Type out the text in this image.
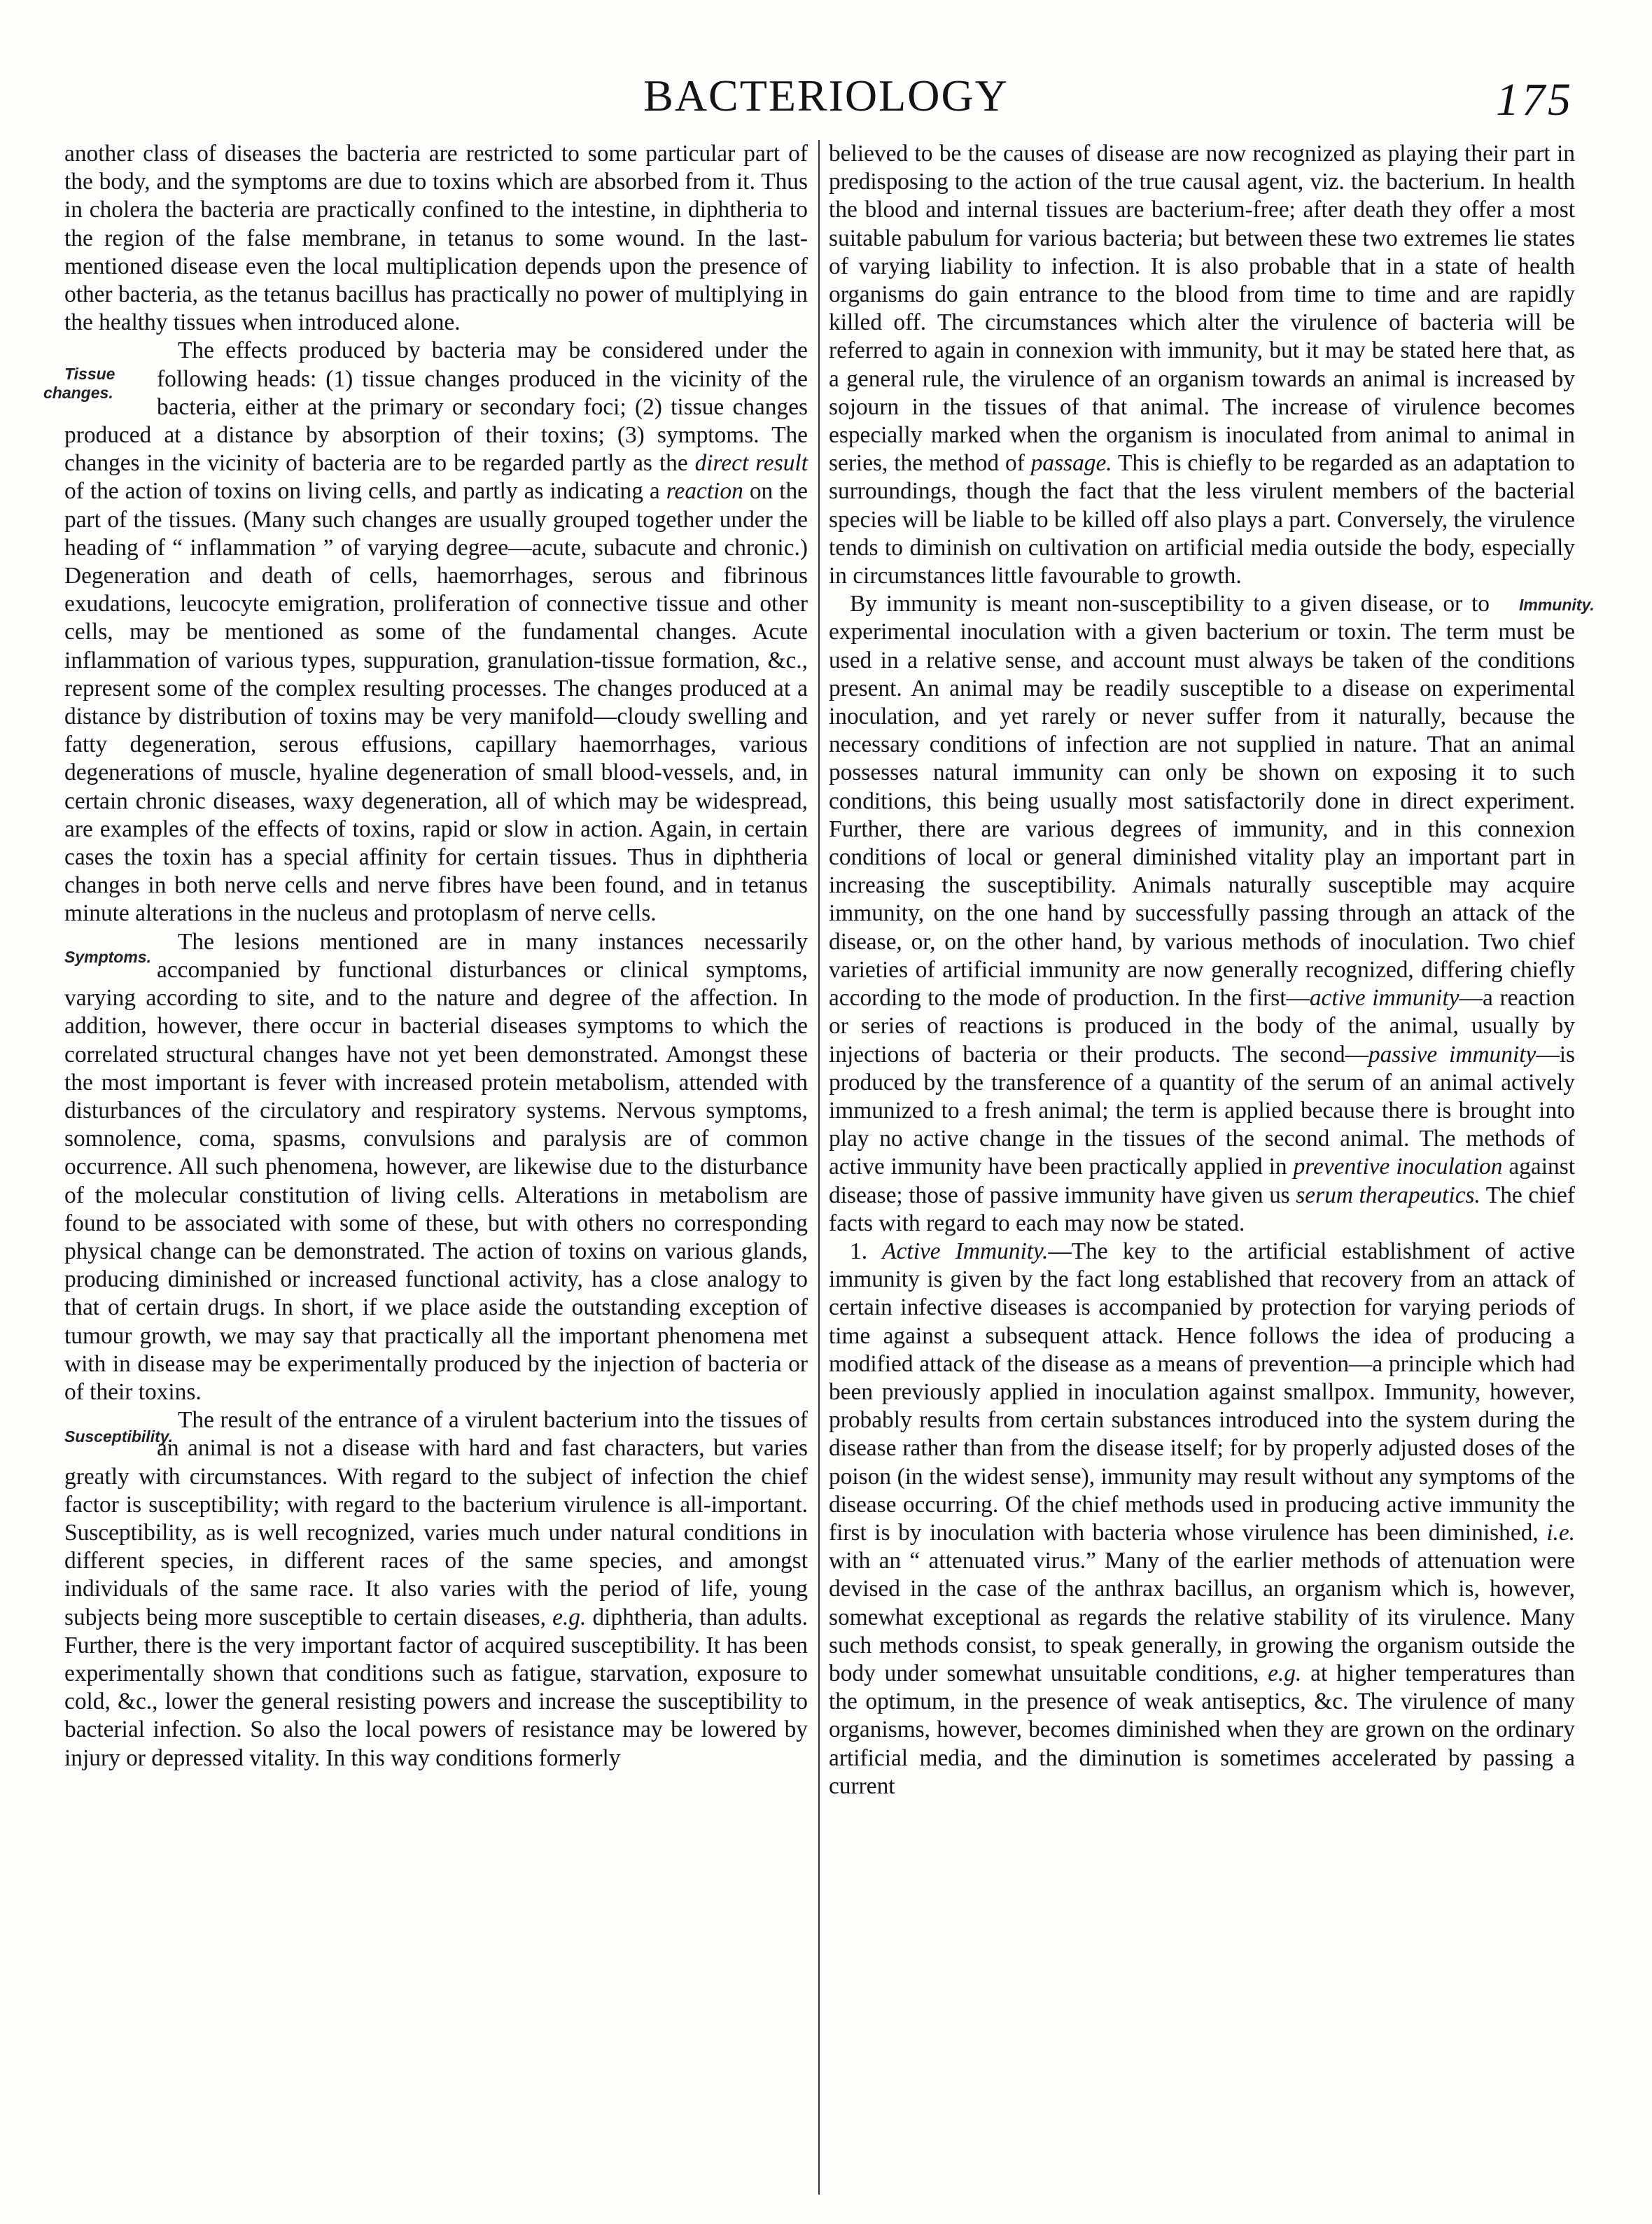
BACTERIOLOGY	175

another class of diseases the bacteria are restricted to some particular part of the body, and the symptoms are due to toxins which are absorbed from it. Thus in cholera the bacteria are practically confined to the intestine, in diphtheria to the region of the false membrane, in tetanus to some wound. In the last-mentioned disease even the local multiplication depends upon the presence of other bacteria, as the tetanus bacillus has practically no power of multiplying in the healthy tissues when introduced alone.

Tissue changes.
The effects produced by bacteria may be considered under the following heads: (1) tissue changes produced in the vicinity of the bacteria, either at the primary or secondary foci; (2) tissue changes produced at a distance by absorption of their toxins; (3) symptoms. The changes in the vicinity of bacteria are to be regarded partly as the direct result of the action of toxins on living cells, and partly as indicating a reaction on the part of the tissues. (Many such changes are usually grouped together under the heading of “ inflammation ” of varying degree—acute, subacute and chronic.) Degeneration and death of cells, haemorrhages, serous and fibrinous exudations, leucocyte emigration, proliferation of connective tissue and other cells, may be mentioned as some of the fundamental changes. Acute inflammation of various types, suppuration, granulation-tissue formation, &c., represent some of the complex resulting processes. The changes produced at a distance by distribution of toxins may be very manifold—cloudy swelling and fatty degeneration, serous effusions, capillary haemorrhages, various degenerations of muscle, hyaline degeneration of small blood-vessels, and, in certain chronic diseases, waxy degeneration, all of which may be widespread, are examples of the effects of toxins, rapid or slow in action. Again, in certain cases the toxin has a special affinity for certain tissues. Thus in diphtheria changes in both nerve cells and nerve fibres have been found, and in tetanus minute alterations in the nucleus and protoplasm of nerve cells.

Symptoms.
The lesions mentioned are in many instances necessarily accompanied by functional disturbances or clinical symptoms, varying according to site, and to the nature and degree of the affection. In addition, however, there occur in bacterial diseases symptoms to which the correlated structural changes have not yet been demonstrated. Amongst these the most important is fever with increased protein metabolism, attended with disturbances of the circulatory and respiratory systems. Nervous symptoms, somnolence, coma, spasms, convulsions and paralysis are of common occurrence. All such phenomena, however, are likewise due to the disturbance of the molecular constitution of living cells. Alterations in metabolism are found to be associated with some of these, but with others no corresponding physical change can be demonstrated. The action of toxins on various glands, producing diminished or increased functional activity, has a close analogy to that of certain drugs. In short, if we place aside the outstanding exception of tumour growth, we may say that practically all the important phenomena met with in disease may be experimentally produced by the injection of bacteria or of their toxins.

Susceptibility.
The result of the entrance of a virulent bacterium into the tissues of an animal is not a disease with hard and fast characters, but varies greatly with circumstances. With regard to the subject of infection the chief factor is susceptibility; with regard to the bacterium virulence is all-important. Susceptibility, as is well recognized, varies much under natural conditions in different species, in different races of the same species, and amongst individuals of the same race. It also varies with the period of life, young subjects being more susceptible to certain diseases, e.g. diphtheria, than adults. Further, there is the very important factor of acquired susceptibility. It has been experimentally shown that conditions such as fatigue, starvation, exposure to cold, &c., lower the general resisting powers and increase the susceptibility to bacterial infection. So also the local powers of resistance may be lowered by injury or depressed vitality. In this way conditions formerly

believed to be the causes of disease are now recognized as playing their part in predisposing to the action of the true causal agent, viz. the bacterium. In health the blood and internal tissues are bacterium-free; after death they offer a most suitable pabulum for various bacteria; but between these two extremes lie states of varying liability to infection. It is also probable that in a state of health organisms do gain entrance to the blood from time to time and are rapidly killed off. The circumstances which alter the virulence of bacteria will be referred to again in connexion with immunity, but it may be stated here that, as a general rule, the virulence of an organism towards an animal is increased by sojourn in the tissues of that animal. The increase of virulence becomes especially marked when the organism is inoculated from animal to animal in series, the method of passage. This is chiefly to be regarded as an adaptation to surroundings, though the fact that the less virulent members of the bacterial species will be liable to be killed off also plays a part. Conversely, the virulence tends to diminish on cultivation on artificial media outside the body, especially in circumstances little favourable to growth.

Immunity.
By immunity is meant non-susceptibility to a given disease, or to experimental inoculation with a given bacterium or toxin. The term must be used in a relative sense, and account must always be taken of the conditions present. An animal may be readily susceptible to a disease on experimental inoculation, and yet rarely or never suffer from it naturally, because the necessary conditions of infection are not supplied in nature. That an animal possesses natural immunity can only be shown on exposing it to such conditions, this being usually most satisfactorily done in direct experiment. Further, there are various degrees of immunity, and in this connexion conditions of local or general diminished vitality play an important part in increasing the susceptibility. Animals naturally susceptible may acquire immunity, on the one hand by successfully passing through an attack of the disease, or, on the other hand, by various methods of inoculation. Two chief varieties of artificial immunity are now generally recognized, differing chiefly according to the mode of production. In the first—active immunity—a reaction or series of reactions is produced in the body of the animal, usually by injections of bacteria or their products. The second—passive immunity—is produced by the transference of a quantity of the serum of an animal actively immunized to a fresh animal; the term is applied because there is brought into play no active change in the tissues of the second animal. The methods of active immunity have been practically applied in preventive inoculation against disease; those of passive immunity have given us serum therapeutics. The chief facts with regard to each may now be stated.

1. Active Immunity.—The key to the artificial establishment of active immunity is given by the fact long established that recovery from an attack of certain infective diseases is accompanied by protection for varying periods of time against a subsequent attack. Hence follows the idea of producing a modified attack of the disease as a means of prevention—a principle which had been previously applied in inoculation against smallpox. Immunity, however, probably results from certain substances introduced into the system during the disease rather than from the disease itself; for by properly adjusted doses of the poison (in the widest sense), immunity may result without any symptoms of the disease occurring. Of the chief methods used in producing active immunity the first is by inoculation with bacteria whose virulence has been diminished, i.e. with an “ attenuated virus.” Many of the earlier methods of attenuation were devised in the case of the anthrax bacillus, an organism which is, however, somewhat exceptional as regards the relative stability of its virulence. Many such methods consist, to speak generally, in growing the organism outside the body under somewhat unsuitable conditions, e.g. at higher temperatures than the optimum, in the presence of weak antiseptics, &c. The virulence of many organisms, however, becomes diminished when they are grown on the ordinary artificial media, and the diminution is sometimes accelerated by passing a current
